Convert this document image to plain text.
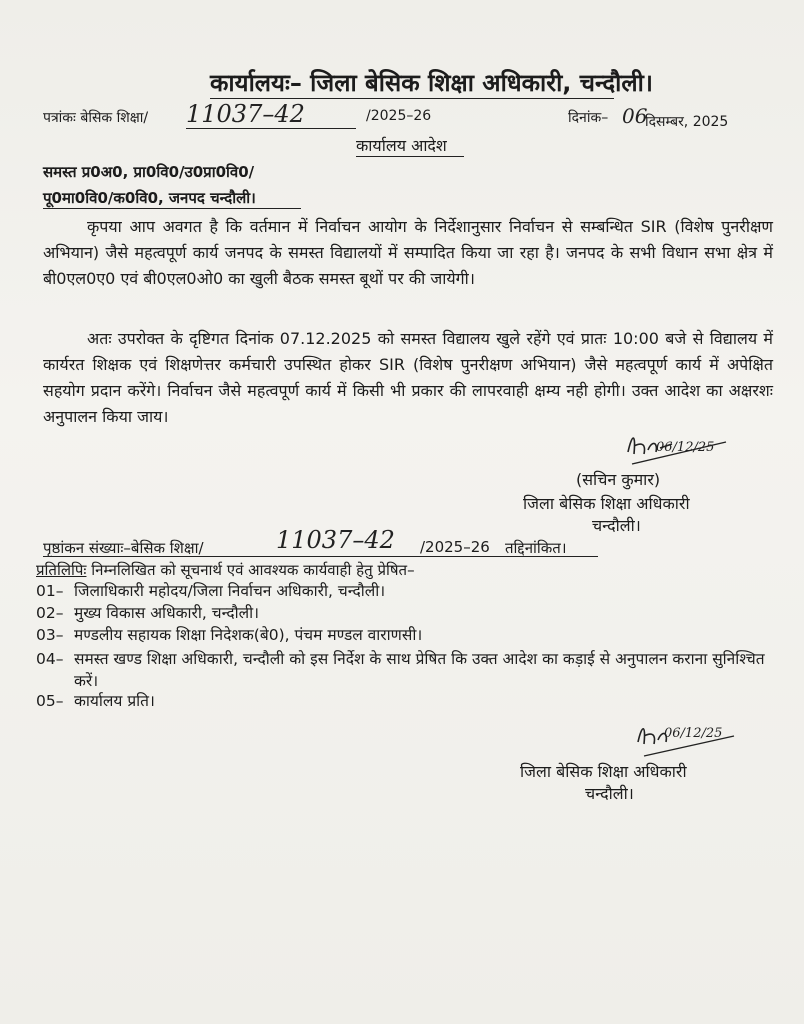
कार्यालयः– जिला बेसिक शिक्षा अधिकारी, चन्दौली।
पत्रांकः बेसिक शिक्षा/ 11037–42	/2025–26	दिनांक– 06
दिसम्बर, 2025
कार्यालय आदेश
समस्त प्र0अ0, प्रा0वि0/उ0प्रा0वि0/
पू0मा0वि0/क0वि0, जनपद चन्दौली।
कृपया आप अवगत है कि वर्तमान में निर्वाचन आयोग के निर्देशानुसार निर्वाचन से सम्बन्धित SIR (विशेष पुनरीक्षण अभियान) जैसे महत्वपूर्ण कार्य जनपद के समस्त विद्यालयों में सम्पादित किया जा रहा है। जनपद के सभी विधान सभा क्षेत्र में बी0एल0ए0 एवं बी0एल0ओ0 का खुली बैठक समस्त बूथों पर की जायेगी।
अतः उपरोक्त के दृष्टिगत दिनांक 07.12.2025 को समस्त विद्यालय खुले रहेंगे एवं प्रातः 10:00 बजे से विद्यालय में कार्यरत शिक्षक एवं शिक्षणेत्तर कर्मचारी उपस्थित होकर SIR (विशेष पुनरीक्षण अभियान) जैसे महत्वपूर्ण कार्य में अपेक्षित सहयोग प्रदान करेंगे। निर्वाचन जैसे महत्वपूर्ण कार्य में किसी भी प्रकार की लापरवाही क्षम्य नही होगी। उक्त आदेश का अक्षरशः अनुपालन किया जाय।
06/12/25
(सचिन कुमार)
जिला बेसिक शिक्षा अधिकारी
चन्दौली।
पृष्ठांकन संख्याः–बेसिक शिक्षा/	11037–42 /2025–26 तद्दिनांकित।
प्रतिलिपिः निम्नलिखित को सूचनार्थ एवं आवश्यक कार्यवाही हेतु प्रेषित–
01– जिलाधिकारी महोदय/जिला निर्वाचन अधिकारी, चन्दौली।
02– मुख्य विकास अधिकारी, चन्दौली।
03– मण्डलीय सहायक शिक्षा निदेशक(बे0), पंचम मण्डल वाराणसी।
04– समस्त खण्ड शिक्षा अधिकारी, चन्दौली को इस निर्देश के साथ प्रेषित कि उक्त आदेश का कड़ाई से अनुपालन कराना सुनिश्चित करें।
05– कार्यालय प्रति।
06/12/25
जिला बेसिक शिक्षा अधिकारी
चन्दौली।
